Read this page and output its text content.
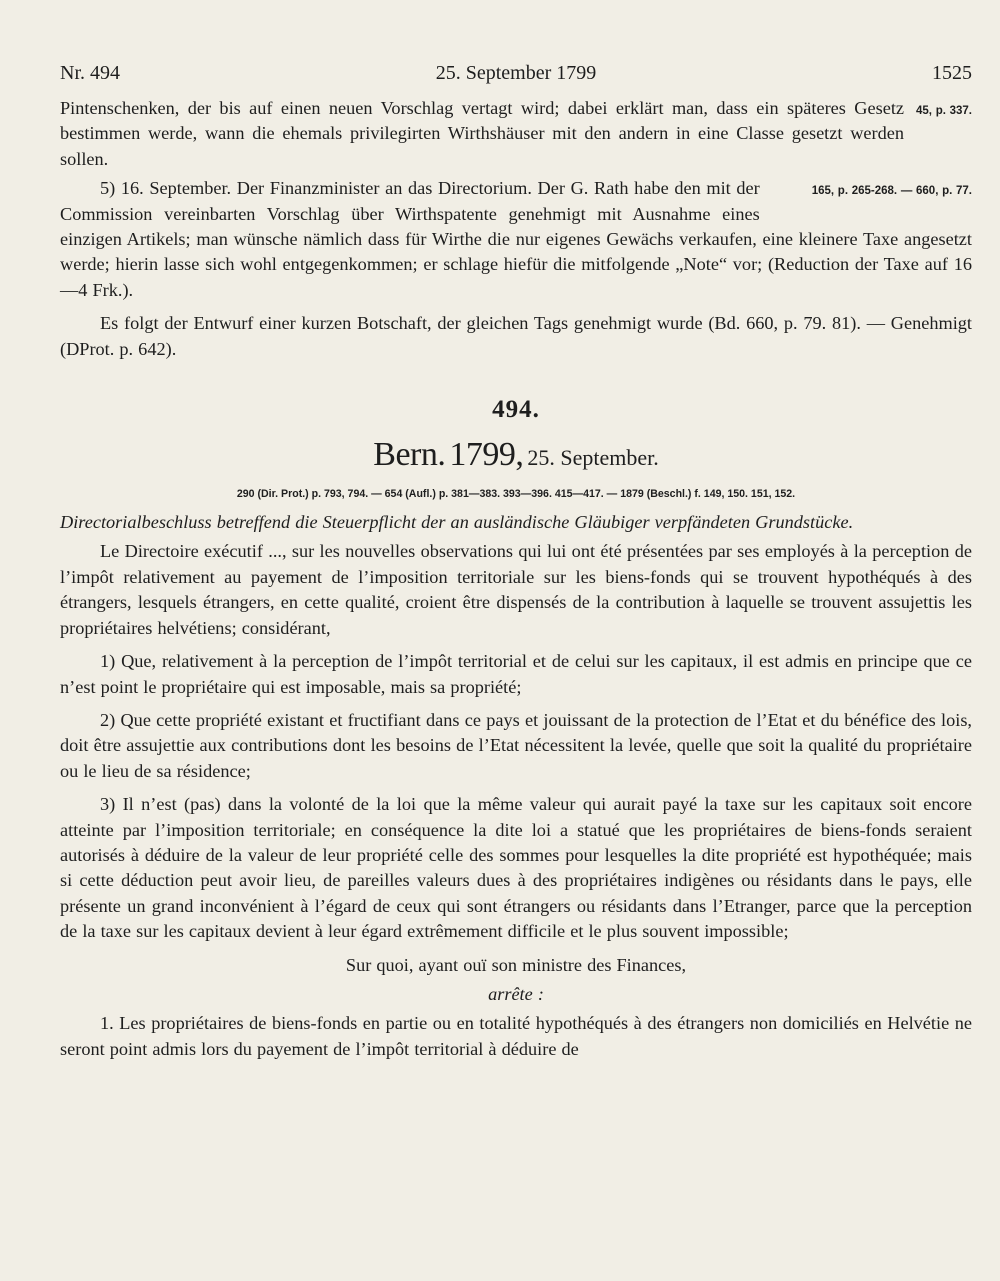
Nr. 494	25. September 1799	1525

45, p. 337.
Pintenschenken, der bis auf einen neuen Vorschlag vertagt wird; dabei erklärt man, dass ein späteres Gesetz bestimmen werde, wann die ehemals privilegirten Wirthshäuser mit den andern in eine Classe gesetzt werden sollen.

165, p. 265-268. — 660, p. 77.
5) 16. September. Der Finanzminister an das Directorium. Der G. Rath habe den mit der Commission vereinbarten Vorschlag über Wirthspatente genehmigt mit Ausnahme eines einzigen Artikels; man wünsche nämlich dass für Wirthe die nur eigenes Gewächs verkaufen, eine kleinere Taxe angesetzt werde; hierin lasse sich wohl entgegenkommen; er schlage hiefür die mitfolgende „Note“ vor; (Reduction der Taxe auf 16—4 Frk.).

Es folgt der Entwurf einer kurzen Botschaft, der gleichen Tags genehmigt wurde (Bd. 660, p. 79. 81). — Genehmigt (DProt. p. 642).

494.
Bern. 1799, 25. September.
290 (Dir. Prot.) p. 793, 794. — 654 (Aufl.) p. 381—383. 393—396. 415—417. — 1879 (Beschl.) f. 149, 150. 151, 152.

Directorialbeschluss betreffend die Steuerpflicht der an ausländische Gläubiger verpfändeten Grundstücke.

Le Directoire exécutif ..., sur les nouvelles observations qui lui ont été présentées par ses employés à la perception de l’impôt relativement au payement de l’imposition territoriale sur les biens-fonds qui se trouvent hypothéqués à des étrangers, lesquels étrangers, en cette qualité, croient être dispensés de la contribution à laquelle se trouvent assujettis les propriétaires helvétiens; considérant,

1) Que, relativement à la perception de l’impôt territorial et de celui sur les capitaux, il est admis en principe que ce n’est point le propriétaire qui est imposable, mais sa propriété;

2) Que cette propriété existant et fructifiant dans ce pays et jouissant de la protection de l’Etat et du bénéfice des lois, doit être assujettie aux contributions dont les besoins de l’Etat nécessitent la levée, quelle que soit la qualité du propriétaire ou le lieu de sa résidence;

3) Il n’est (pas) dans la volonté de la loi que la même valeur qui aurait payé la taxe sur les capitaux soit encore atteinte par l’imposition territoriale; en conséquence la dite loi a statué que les propriétaires de biens-fonds seraient autorisés à déduire de la valeur de leur propriété celle des sommes pour lesquelles la dite propriété est hypothéquée; mais si cette déduction peut avoir lieu, de pareilles valeurs dues à des propriétaires indigènes ou résidants dans le pays, elle présente un grand inconvénient à l’égard de ceux qui sont étrangers ou résidants dans l’Etranger, parce que la perception de la taxe sur les capitaux devient à leur égard extrêmement difficile et le plus souvent impossible;

Sur quoi, ayant ouï son ministre des Finances,

arrête :

1. Les propriétaires de biens-fonds en partie ou en totalité hypothéqués à des étrangers non domiciliés en Helvétie ne seront point admis lors du payement de l’impôt territorial à déduire de
